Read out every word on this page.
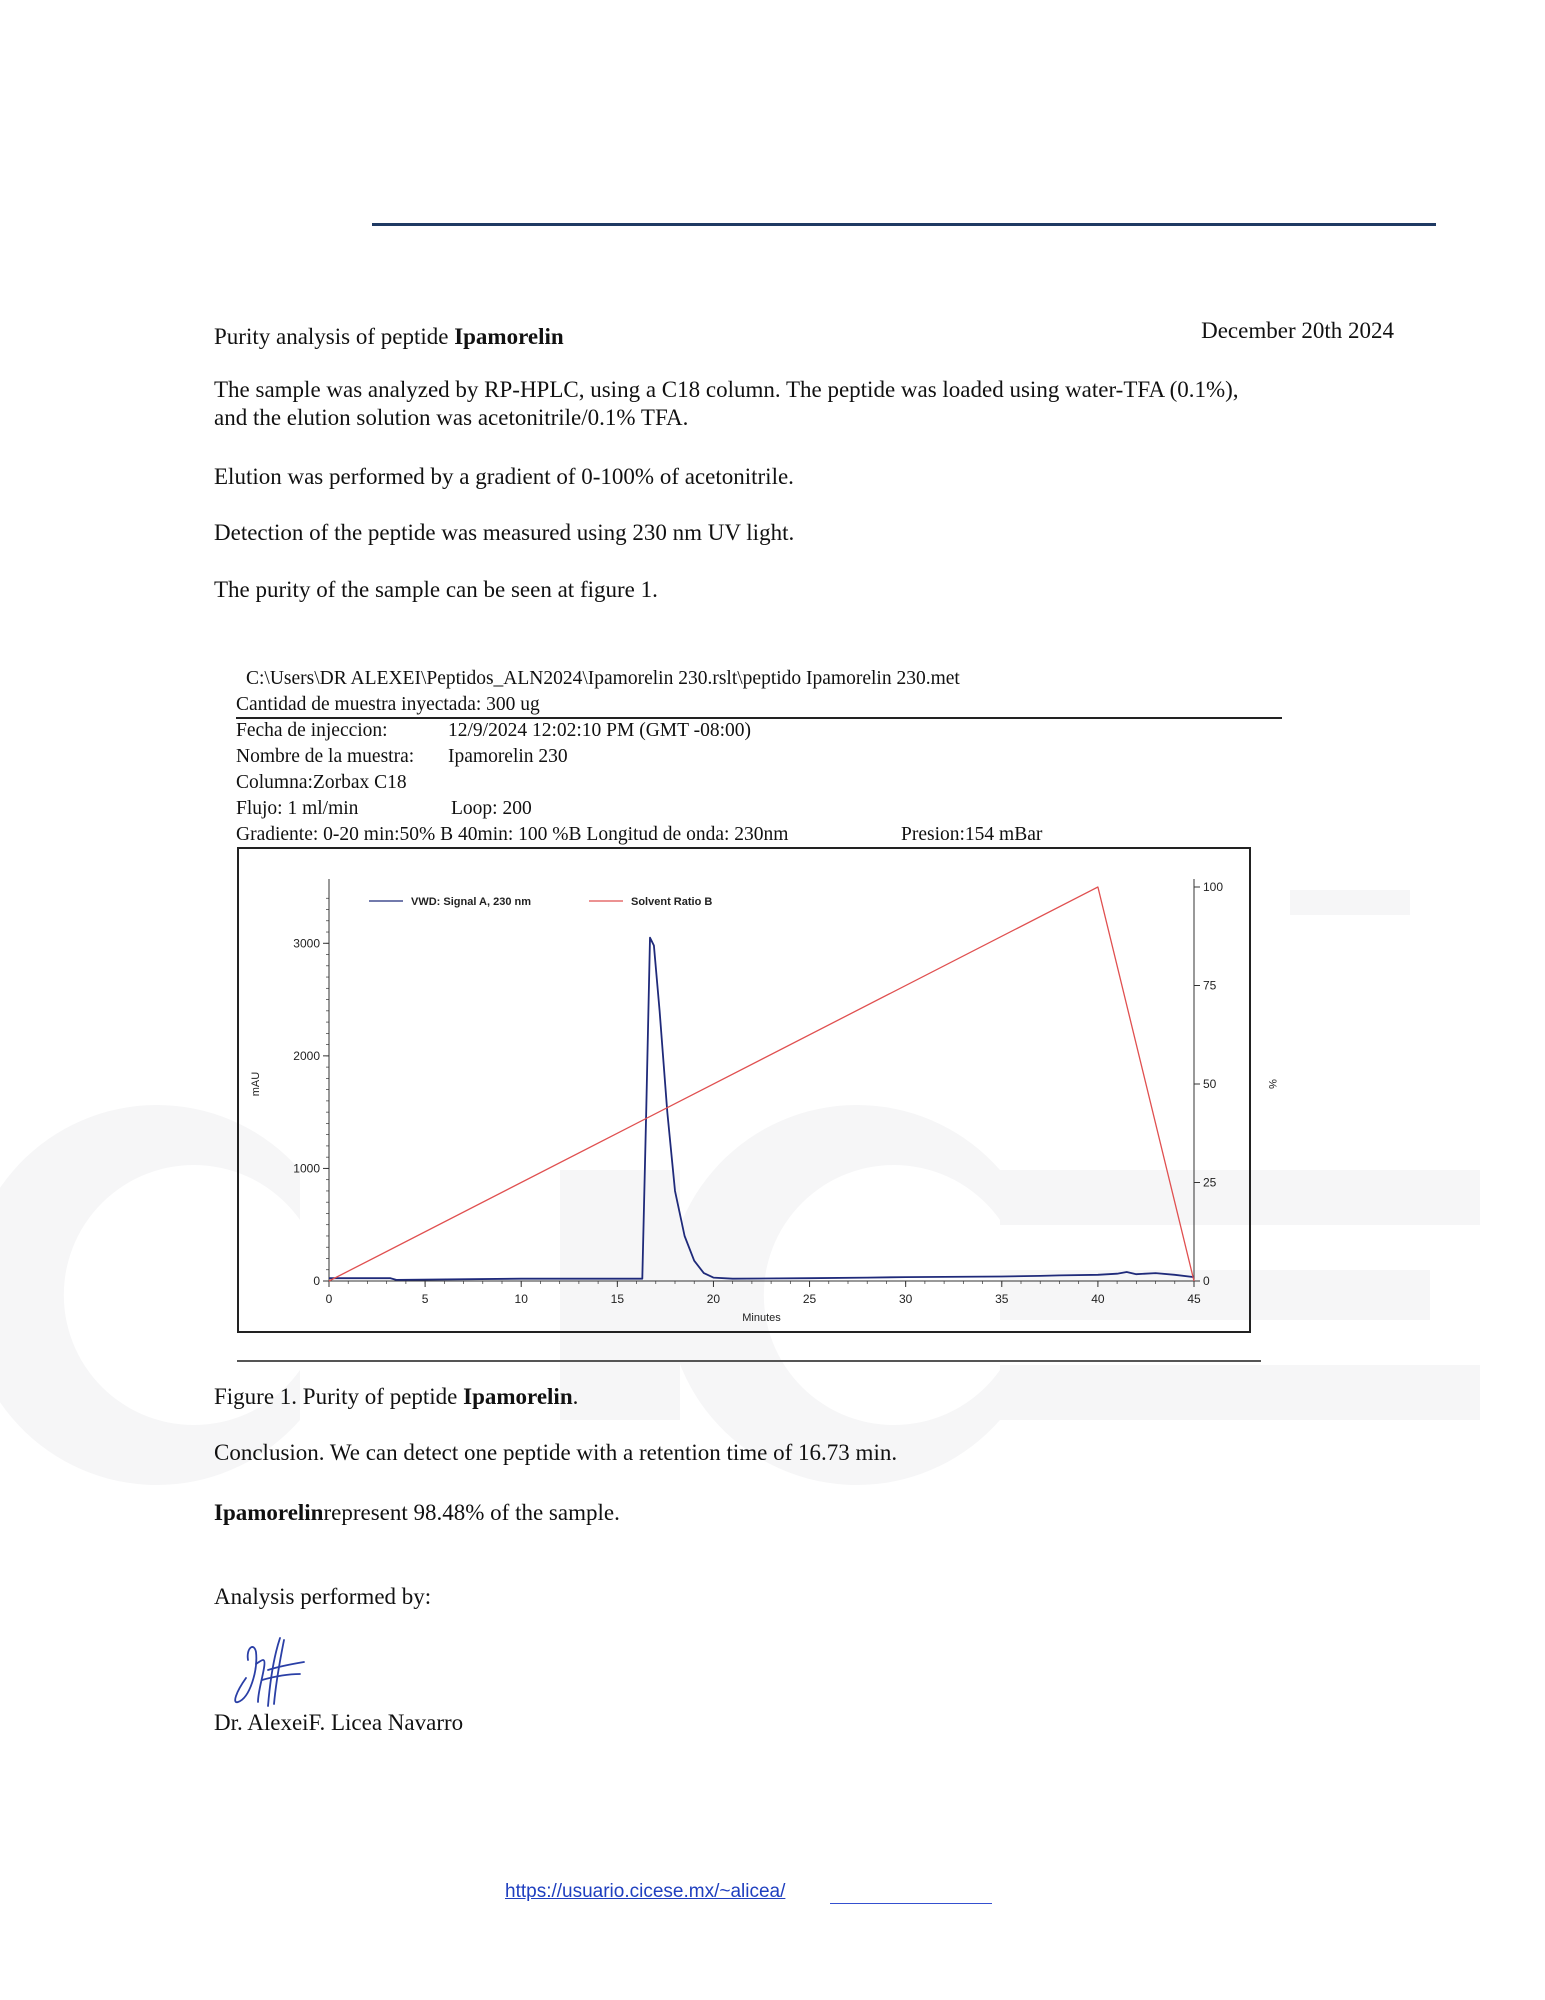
Purity analysis of peptide Ipamorelin	December 20th 2024
The sample was analyzed by RP-HPLC, using a C18 column. The peptide was loaded using water-TFA (0.1%),
and the elution solution was acetonitrile/0.1% TFA.
Elution was performed by a gradient of 0-100% of acetonitrile.
Detection of the peptide was measured using 230 nm UV light.
The purity of the sample can be seen at figure 1.
C:\Users\DR ALEXEI\Peptidos_ALN2024\Ipamorelin 230.rslt\peptido Ipamorelin 230.met
Cantidad de muestra inyectada: 300 ug
Fecha de injeccion:	12/9/2024 12:02:10 PM (GMT -08:00)
Nombre de la muestra: Ipamorelin 230
Columna:Zorbax C18
Flujo: 1 ml/min	Loop: 200
Gradiente: 0-20 min:50% B 40min: 100 %B Longitud de onda: 230nm	Presion:154 mBar
0	5	10	15	20	25	30	35	40	45
0
1000
2000
3000
0
25
50
75
100
Minutes
mAU	%
VWD: Signal A, 230 nm	Solvent Ratio B
Figure 1. Purity of peptide Ipamorelin.
Conclusion. We can detect one peptide with a retention time of 16.73 min.
Ipamorelinrepresent 98.48% of the sample.
Analysis performed by:
Dr. AlexeiF. Licea Navarro
https://usuario.cicese.mx/~alicea/
